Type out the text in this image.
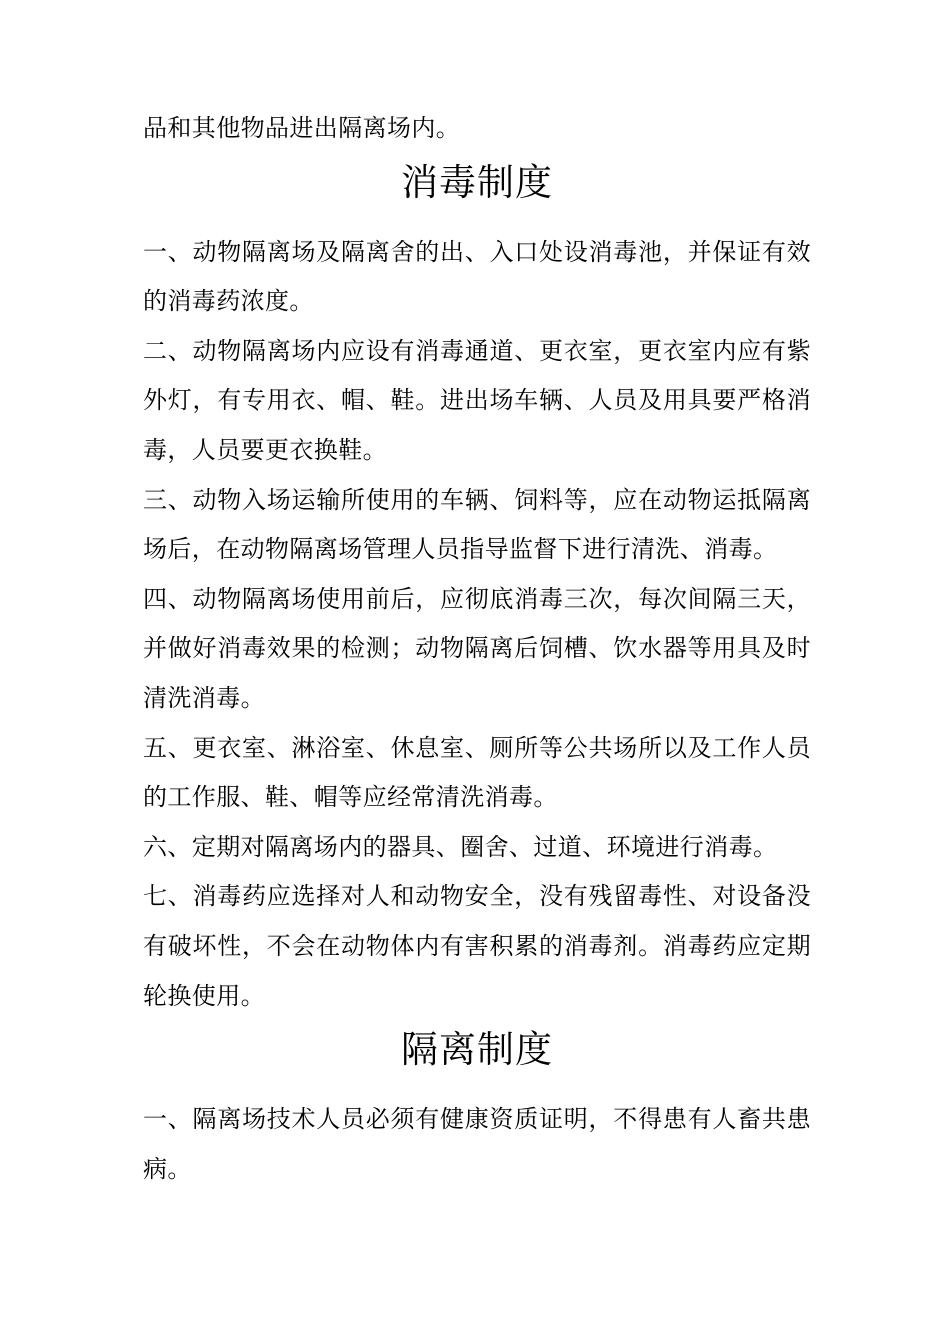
品和其他物品进出隔离场内。

消毒制度

一、动物隔离场及隔离舍的出、入口处设消毒池，并保证有效的消毒药浓度。

二、动物隔离场内应设有消毒通道、更衣室，更衣室内应有紫外灯，有专用衣、帽、鞋。进出场车辆、人员及用具要严格消毒，人员要更衣换鞋。

三、动物入场运输所使用的车辆、饲料等，应在动物运抵隔离场后，在动物隔离场管理人员指导监督下进行清洗、消毒。

四、动物隔离场使用前后，应彻底消毒三次，每次间隔三天，并做好消毒效果的检测；动物隔离后饲槽、饮水器等用具及时清洗消毒。

五、更衣室、淋浴室、休息室、厕所等公共场所以及工作人员的工作服、鞋、帽等应经常清洗消毒。

六、定期对隔离场内的器具、圈舍、过道、环境进行消毒。

七、消毒药应选择对人和动物安全，没有残留毒性、对设备没有破坏性，不会在动物体内有害积累的消毒剂。消毒药应定期轮换使用。

隔离制度

一、隔离场技术人员必须有健康资质证明，不得患有人畜共患病。
